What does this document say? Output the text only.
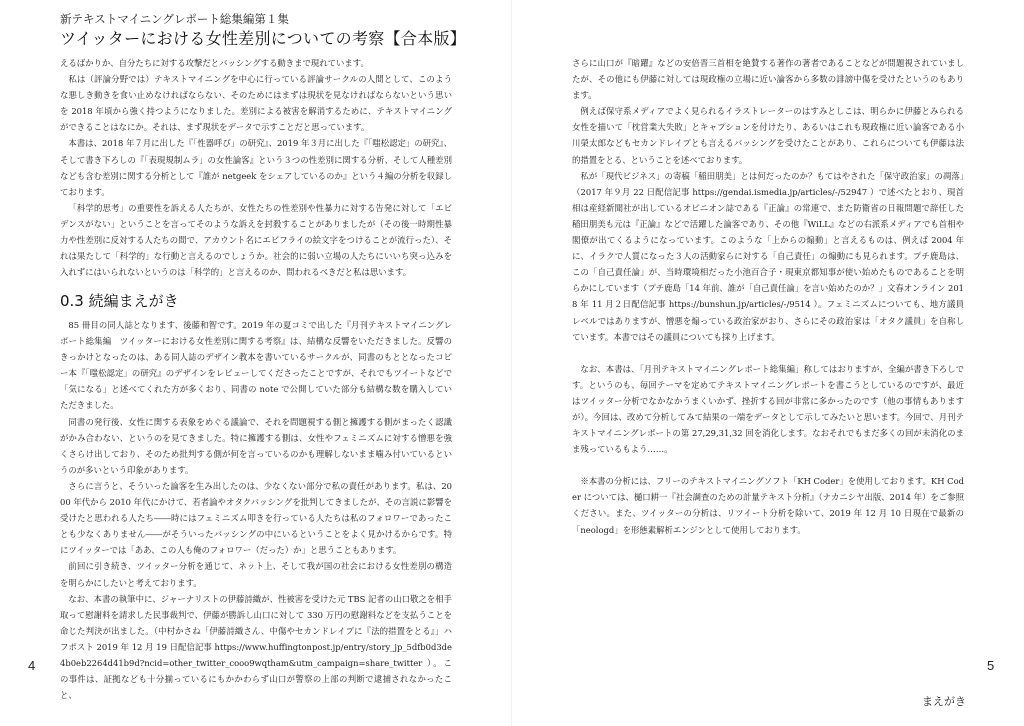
新テキストマイニングレポート総集編第１集
ツイッターにおける女性差別についての考察【合本版】

えるばかりか、自分たちに対する攻撃だとバッシングする動きまで現れています。

私は（評論分野では）テキストマイニングを中心に行っている評論サークルの人間として、このような悪しき動きを食い止めなければならない、そのためにはまずは現状を見なければならないという思いを 2018 年頃から強く持つようになりました。差別による被害を解消するために、テキストマイニングができることはなにか。それは、まず現状をデータで示すことだと思っています。

本書は、2018 年７月に出した『「性器呼び」の研究』、2019 年３月に出した『「嗤松認定」の研究』、そして書き下ろしの『「表現規制ムラ」の女性論客』という３つの性差別に関する分析、そして人種差別なども含む差別に関する分析として『誰が netgeek をシェアしているのか』という４編の分析を収録しております。

「科学的思考」の重要性を訴える人たちが、女性たちの性差別や性暴力に対する告発に対して「エビデンスがない」ということを言ってそのような訴えを封殺することがありましたが（その後一時期性暴力や性差別に反対する人たちの間で、アカウント名にエビフライの絵文字をつけることが流行った）、それは果たして「科学的」な行動と言えるのでしょうか。社会的に弱い立場の人たちにいいち突っ込みを入れずにはいられないというのは「科学的」と言えるのか、問われるべきだと私は思います。

0.3 続編まえがき

85 冊目の同人誌となります、後藤和智です。2019 年の夏コミで出した『月刊テキストマイニングレポート総集編　ツイッターにおける女性差別に関する考察』は、結構な反響をいただきました。反響のきっかけとなったのは、ある同人誌のデザイン教本を書いているサークルが、同書のもととなったコピー本『「嗤松認定」の研究』のデザインをレビューしてくださったことですが、それでもツイートなどで「気になる」と述べてくれた方が多くおり、同書の note で公開していた部分も結構な数を購入していただきました。

同書の発行後、女性に関する表象をめぐる議論で、それを問題視する側と擁護する側がまったく認識がかみ合わない、というのを見てきました。特に擁護する側は、女性やフェミニズムに対する憎悪を強くさらけ出しており、そのため批判する側が何を言っているのかも理解しないまま噛み付いているというのが多いという印象があります。

さらに言うと、そういった論客を生み出したのは、少なくない部分で私の責任があります。私は、2000 年代から 2010 年代にかけて、若者論やオタクバッシングを批判してきましたが、その言説に影響を受けたと思われる人たち――時にはフェミニズム叩きを行っている人たちは私のフォロワーであったことも少なくありません――がそういったバッシングの中にいるということをよく見かけるからです。特にツイッターでは「ああ、この人も俺のフォロワー（だった）か」と思うこともあります。

前回に引き続き、ツイッター分析を通じて、ネット上、そして我が国の社会における女性差別の構造を明らかにしたいと考えております。

なお、本書の執筆中に、ジャーナリストの伊藤詩織が、性被害を受けた元 TBS 記者の山口敬之を相手取って慰謝料を請求した民事裁判で、伊藤が勝訴し山口に対して 330 万円の慰謝料などを支払うことを命じた判決が出ました。（中村かさね「伊藤詩織さん、中傷やセカンドレイプに『法的措置をとる』」ハフポスト 2019 年 12 月 19 日配信記事 https://www.huffingtonpost.jp/entry/story_jp_5dfb0d3de4b0eb2264d41b9d?ncid=other_twitter_cooo9wqtham&utm_campaign=share_twitter ）。この事件は、証拠なども十分揃っているにもかかわらず山口が警察の上部の判断で逮捕されなかったこと、

4

さらに山口が『暗躍』などの安倍晋三首相を絶賛する著作の著者であることなどが問題視されていましたが、その他にも伊藤に対しては現政権の立場に近い論客から多数の誹謗中傷を受けたというのもあります。

例えば保守系メディアでよく見られるイラストレーターのはすみとしこは、明らかに伊藤とみられる女性を描いて「枕営業大失敗」とキャプションを付けたり、あるいはこれも現政権に近い論客である小川榮太郎などもセカンドレイプとも言えるバッシングを受けたことがあり、これらについても伊藤は法的措置をとる、ということを述べております。

私が「現代ビジネス」の寄稿「稲田朋美」とは何だったのか？もてはやされた「保守政治家」の凋落」（2017 年９月 22 日配信記事 https://gendai.ismedia.jp/articles/-/52947 ）で述べたとおり、現首相は産経新聞社が出しているオピニオン誌である『正論』の常連で、また防衛省の日報問題で辞任した稲田朋美も元は『正論』などで活躍した論客であり、その他『WiLL』などの右派系メディアでも首相や閣僚が出てくるようになっています。このような「上からの煽動」と言えるものは、例えば 2004 年に、イラクで人質になった３人の活動家らに対する「自己責任」の煽動にも見られます。プチ鹿島は、この「自己責任論」が、当時環境相だった小池百合子・現東京都知事が使い始めたものであることを明らかにしています（プチ鹿島「14 年前、誰が「自己責任論」を言い始めたのか？」文春オンライン 2018 年 11 月２日配信記事 https://bunshun.jp/articles/-/9514 ）。フェミニズムについても、地方議員レベルではありますが、憎悪を煽っている政治家がおり、さらにその政治家は「オタク議員」を自称しています。本書ではその議員についても採り上げます。

なお、本書は、「月刊テキストマイニングレポート総集編」称してはおりますが、全編が書き下ろしです。というのも、毎回テーマを定めてテキストマイニングレポートを書こうとしているのですが、最近はツイッター分析でなかなかうまくいかず、挫折する回が非常に多かったのです（他の事情もありますが）。今回は、改めて分析してみて結果の一端をデータとして示してみたいと思います。今回で、月刊テキストマイニングレポートの第 27,29,31,32 回を消化します。なおそれでもまだ多くの回が未消化のまま残っているもよう……。

※本書の分析には、フリーのテキストマイニングソフト「KH Coder」を使用しております。KH Coder については、樋口耕一『社会調査のための計量テキスト分析』（ナカニシヤ出版、2014 年）をご参照ください。また、ツイッターの分析は、リツイート分析を除いて、2019 年 12 月 10 日現在で最新の「neologd」を形態素解析エンジンとして使用しております。

5
まえがき
